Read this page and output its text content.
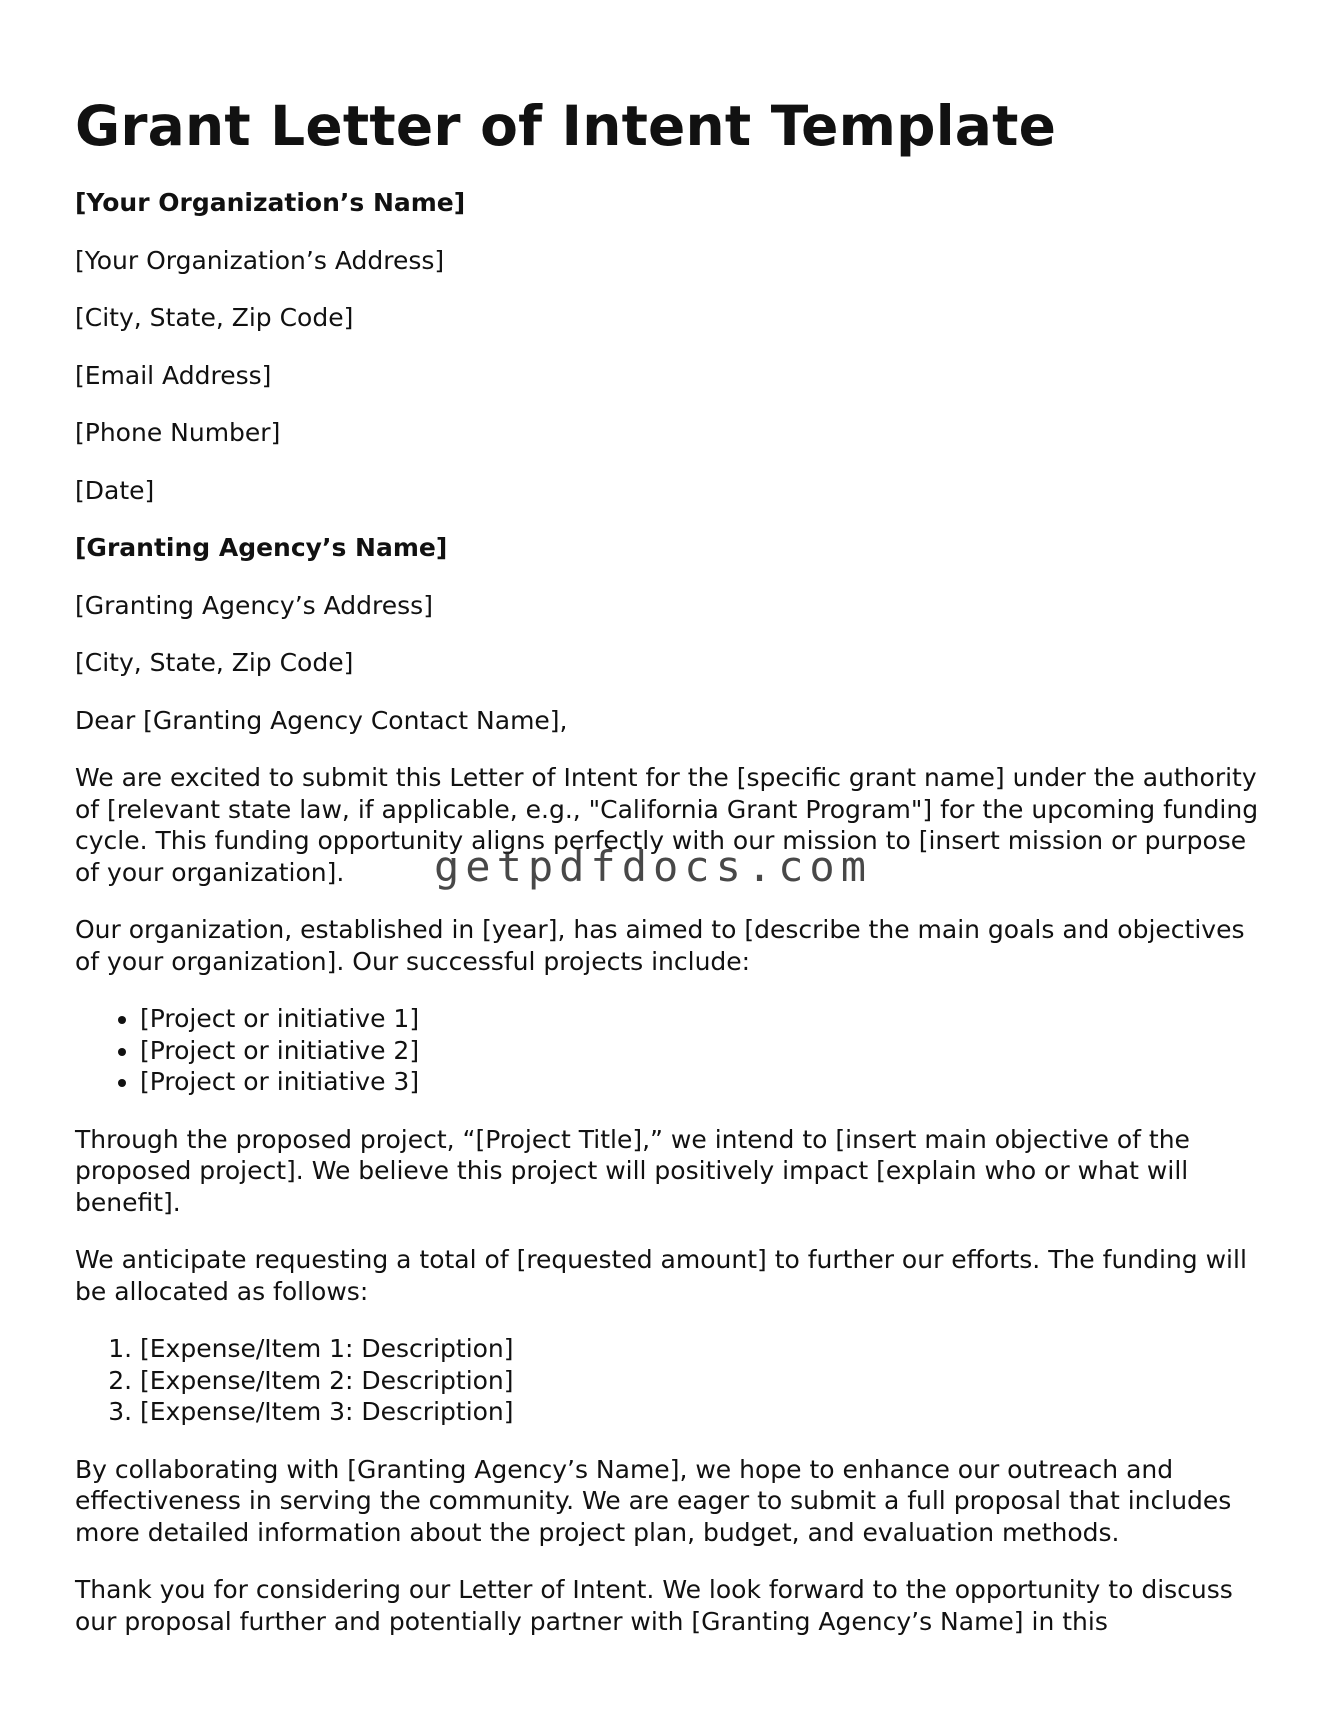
Grant Letter of Intent Template

[Your Organization’s Name]

[Your Organization’s Address]

[City, State, Zip Code]

[Email Address]

[Phone Number]

[Date]

[Granting Agency’s Name]

[Granting Agency’s Address]

[City, State, Zip Code]

Dear [Granting Agency Contact Name],

We are excited to submit this Letter of Intent for the [specific grant name] under the authority of [relevant state law, if applicable, e.g., "California Grant Program"] for the upcoming funding cycle. This funding opportunity aligns perfectly with our mission to [insert mission or purpose of your organization].

Our organization, established in [year], has aimed to [describe the main goals and objectives of your organization]. Our successful projects include:

• [Project or initiative 1]
• [Project or initiative 2]
• [Project or initiative 3]

Through the proposed project, “[Project Title],” we intend to [insert main objective of the proposed project]. We believe this project will positively impact [explain who or what will benefit].

We anticipate requesting a total of [requested amount] to further our efforts. The funding will be allocated as follows:

1. [Expense/Item 1: Description]
2. [Expense/Item 2: Description]
3. [Expense/Item 3: Description]

By collaborating with [Granting Agency’s Name], we hope to enhance our outreach and effectiveness in serving the community. We are eager to submit a full proposal that includes more detailed information about the project plan, budget, and evaluation methods.

Thank you for considering our Letter of Intent. We look forward to the opportunity to discuss our proposal further and potentially partner with [Granting Agency’s Name] in this

getpdfdocs.com
